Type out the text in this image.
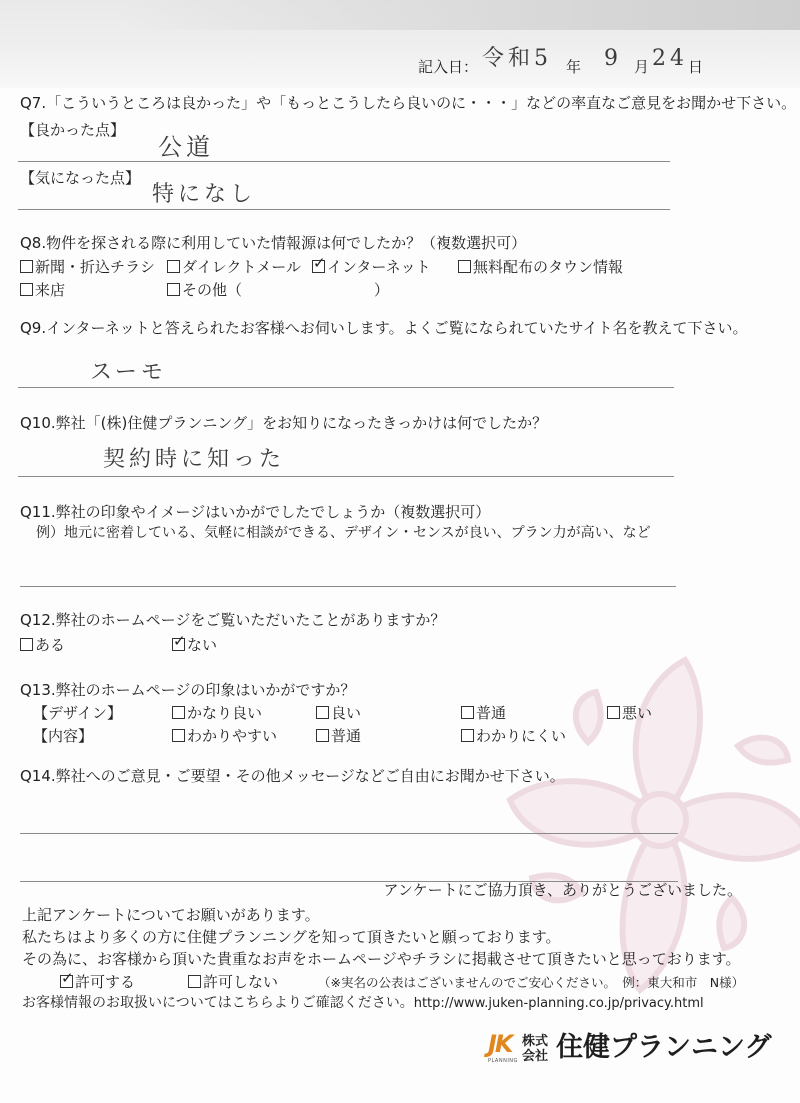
記入日： 令和5 年 9 月 24 日
Q7.「こういうところは良かった」や「もっとこうしたら良いのに・・・」などの率直なご意見をお聞かせ下さい。
【良かった点】
公道
【気になった点】
特になし
Q8.物件を探される際に利用していた情報源は何でしたか？（複数選択可）
新聞・折込チラシ	ダイレクトメール ✓	インターネット	無料配布のタウン情報
来店	その他（	）
Q9.インターネットと答えられたお客様へお伺いします。よくご覧になられていたサイト名を教えて下さい。
スーモ
Q10.弊社「(株)住健プランニング」をお知りになったきっかけは何でしたか？
契約時に知った
Q11.弊社の印象やイメージはいかがでしたでしょうか（複数選択可）
例）地元に密着している、気軽に相談ができる、デザイン・センスが良い、プラン力が高い、など
Q12.弊社のホームページをご覧いただいたことがありますか？
ある ✓	ない
Q13.弊社のホームページの印象はいかがですか？
【デザイン】	かなり良い	良い	普通	悪い
【内容】	わかりやすい	普通	わかりにくい
Q14.弊社へのご意見・ご要望・その他メッセージなどご自由にお聞かせ下さい。
アンケートにご協力頂き、ありがとうございました。
上記アンケートについてお願いがあります。
私たちはより多くの方に住健プランニングを知って頂きたいと願っております。
その為に、お客様から頂いた貴重なお声をホームページやチラシに掲載させて頂きたいと思っております。
✓許可する	許可しない	（※実名の公表はございませんのでご安心ください。　例：東大和市　N様）
お客様情報のお取扱いについてはこちらよりご確認ください。http://www.juken-planning.co.jp/privacy.html
JK
PLANNING
株式
会社 住健プランニング
